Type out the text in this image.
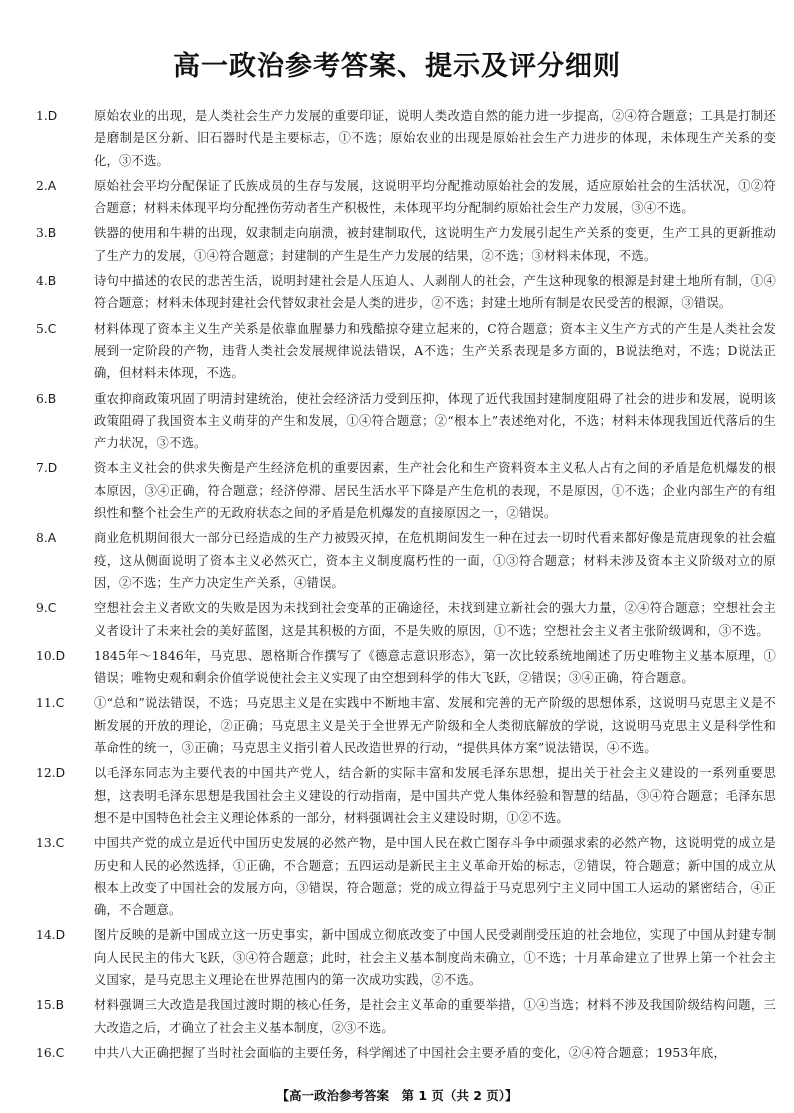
高一政治参考答案、提示及评分细则
1.D	原始农业的出现，是人类社会生产力发展的重要印证，说明人类改造自然的能力进一步提高，②④符合题意；工具是打制还是磨制是区分新、旧石器时代是主要标志，①不选；原始农业的出现是原始社会生产力进步的体现，未体现生产关系的变化，③不选。
2.A	原始社会平均分配保证了氏族成员的生存与发展，这说明平均分配推动原始社会的发展，适应原始社会的生活状况，①②符合题意；材料未体现平均分配挫伤劳动者生产积极性，未体现平均分配制约原始社会生产力发展，③④不选。
3.B	铁器的使用和牛耕的出现，奴隶制走向崩溃，被封建制取代，这说明生产力发展引起生产关系的变更，生产工具的更新推动了生产力的发展，①④符合题意；封建制的产生是生产力发展的结果，②不选；③材料未体现，不选。
4.B	诗句中描述的农民的悲苦生活，说明封建社会是人压迫人、人剥削人的社会，产生这种现象的根源是封建土地所有制，①④符合题意；材料未体现封建社会代替奴隶社会是人类的进步，②不选；封建土地所有制是农民受苦的根源，③错误。
5.C	材料体现了资本主义生产关系是依靠血腥暴力和残酷掠夺建立起来的，C符合题意；资本主义生产方式的产生是人类社会发展到一定阶段的产物，违背人类社会发展规律说法错误，A不选；生产关系表现是多方面的，B说法绝对，不选；D说法正确，但材料未体现，不选。
6.B	重农抑商政策巩固了明清封建统治，使社会经济活力受到压抑，体现了近代我国封建制度阻碍了社会的进步和发展，说明该政策阻碍了我国资本主义萌芽的产生和发展，①④符合题意；②“根本上”表述绝对化，不选；材料未体现我国近代落后的生产力状况，③不选。
7.D	资本主义社会的供求失衡是产生经济危机的重要因素，生产社会化和生产资料资本主义私人占有之间的矛盾是危机爆发的根本原因，③④正确，符合题意；经济停滞、居民生活水平下降是产生危机的表现，不是原因，①不选；企业内部生产的有组织性和整个社会生产的无政府状态之间的矛盾是危机爆发的直接原因之一，②错误。
8.A	商业危机期间很大一部分已经造成的生产力被毁灭掉，在危机期间发生一种在过去一切时代看来都好像是荒唐现象的社会瘟疫，这从侧面说明了资本主义必然灭亡，资本主义制度腐朽性的一面，①③符合题意；材料未涉及资本主义阶级对立的原因，②不选；生产力决定生产关系，④错误。
9.C	空想社会主义者欧文的失败是因为未找到社会变革的正确途径，未找到建立新社会的强大力量，②④符合题意；空想社会主义者设计了未来社会的美好蓝图，这是其积极的方面，不是失败的原因，①不选；空想社会主义者主张阶级调和，③不选。
10.D	1845年～1846年，马克思、恩格斯合作撰写了《德意志意识形态》，第一次比较系统地阐述了历史唯物主义基本原理，①错误；唯物史观和剩余价值学说使社会主义实现了由空想到科学的伟大飞跃，②错误；③④正确，符合题意。
11.C	①“总和”说法错误，不选；马克思主义是在实践中不断地丰富、发展和完善的无产阶级的思想体系，这说明马克思主义是不断发展的开放的理论，②正确；马克思主义是关于全世界无产阶级和全人类彻底解放的学说，这说明马克思主义是科学性和革命性的统一，③正确；马克思主义指引着人民改造世界的行动，“提供具体方案”说法错误，④不选。
12.D	以毛泽东同志为主要代表的中国共产党人，结合新的实际丰富和发展毛泽东思想，提出关于社会主义建设的一系列重要思想，这表明毛泽东思想是我国社会主义建设的行动指南，是中国共产党人集体经验和智慧的结晶，③④符合题意；毛泽东思想不是中国特色社会主义理论体系的一部分，材料强调社会主义建设时期，①②不选。
13.C	中国共产党的成立是近代中国历史发展的必然产物，是中国人民在救亡图存斗争中顽强求索的必然产物，这说明党的成立是历史和人民的必然选择，①正确，不合题意；五四运动是新民主主义革命开始的标志，②错误，符合题意；新中国的成立从根本上改变了中国社会的发展方向，③错误，符合题意；党的成立得益于马克思列宁主义同中国工人运动的紧密结合，④正确，不合题意。
14.D	图片反映的是新中国成立这一历史事实，新中国成立彻底改变了中国人民受剥削受压迫的社会地位，实现了中国从封建专制向人民民主的伟大飞跃，③④符合题意；此时，社会主义基本制度尚未确立，①不选；十月革命建立了世界上第一个社会主义国家，是马克思主义理论在世界范围内的第一次成功实践，②不选。
15.B	材料强调三大改造是我国过渡时期的核心任务，是社会主义革命的重要举措，①④当选；材料不涉及我国阶级结构问题，三大改造之后，才确立了社会主义基本制度，②③不选。
16.C	中共八大正确把握了当时社会面临的主要任务，科学阐述了中国社会主要矛盾的变化，②④符合题意；1953年底，
【高一政治参考答案　第 1 页（共 2 页）】
